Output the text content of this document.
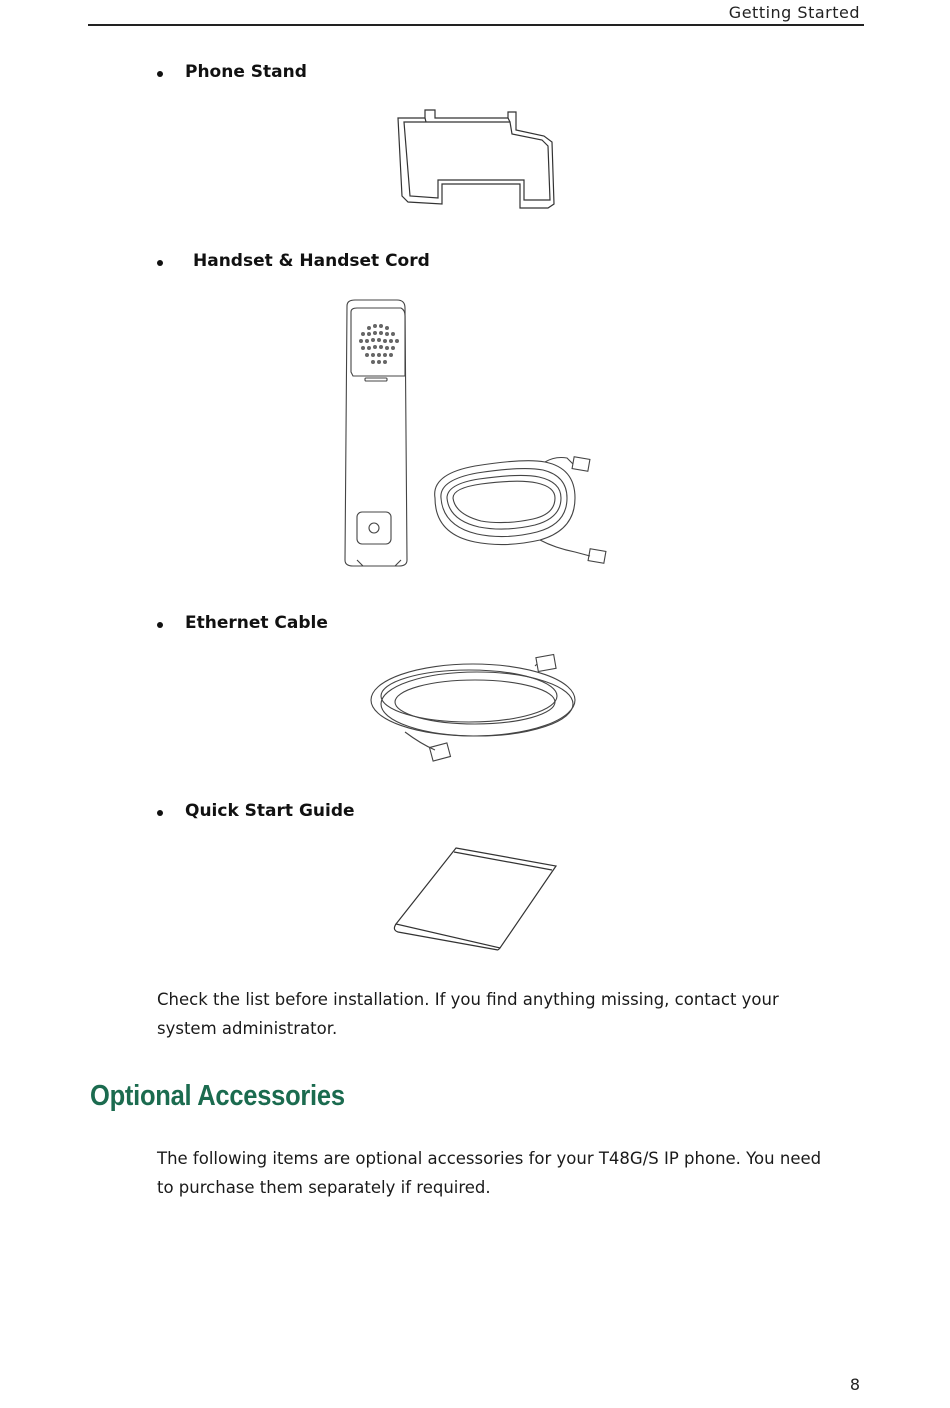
Getting Started
Phone Stand
Handset & Handset Cord
Ethernet Cable
Quick Start Guide
Check the list before installation. If you find anything missing, contact your system administrator.
Optional Accessories
The following items are optional accessories for your T48G/S IP phone. You need to purchase them separately if required.
8
